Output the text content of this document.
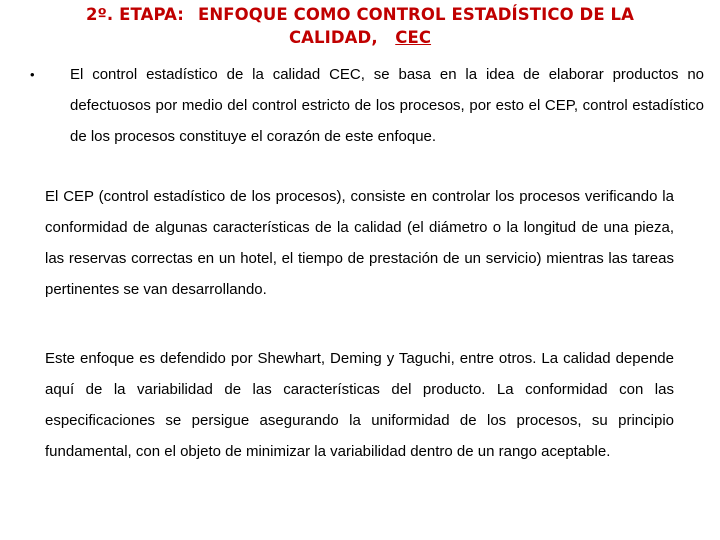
2º. ETAPA: ENFOQUE COMO CONTROL ESTADÍSTICO DE LA CALIDAD, CEC
• El control estadístico de la calidad CEC, se basa en la idea de elaborar productos no defectuosos por medio del control estricto de los procesos, por esto el CEP, control estadístico de los procesos constituye el corazón de este enfoque.
El CEP (control estadístico de los procesos), consiste en controlar los procesos verificando la conformidad de algunas características de la calidad (el diámetro o la longitud de una pieza, las reservas correctas en un hotel, el tiempo de prestación de un servicio) mientras las tareas pertinentes se van desarrollando.
Este enfoque es defendido por Shewhart, Deming y Taguchi, entre otros. La calidad depende aquí de la variabilidad de las características del producto. La conformidad con las especificaciones se persigue asegurando la uniformidad de los procesos, su principio fundamental, con el objeto de minimizar la variabilidad dentro de un rango aceptable.
